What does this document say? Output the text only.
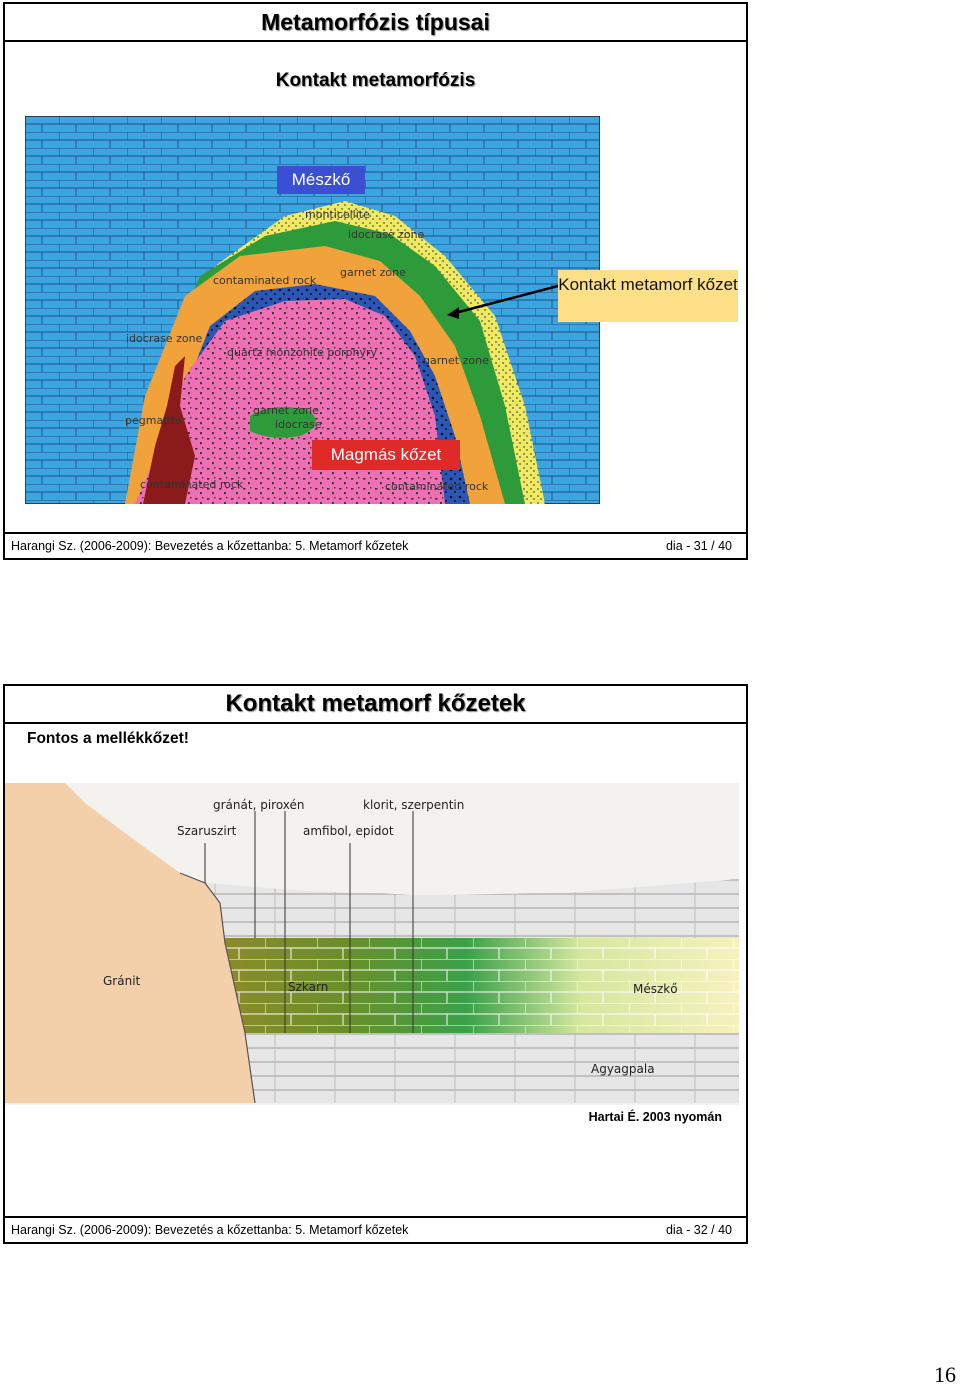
Metamorfózis típusai
Kontakt metamorfózis
monticellite
idocrase zone
contaminated rock
garnet zone
quartz monzonite porphyry
idocrase zone
pegmatite
garnet zone
idocrase
garnet zone
contaminated rock	contaminated rock
Mészkő
Kontakt metamorf kőzet
Magmás kőzet
Harangi Sz. (2006-2009): Bevezetés a kőzettanba: 5. Metamorf kőzetek	dia - 31 / 40
Kontakt metamorf kőzetek
Fontos a mellékkőzet!
gránát, piroxén	klorit, szerpentin
Szaruszirt	amfibol, epidot
Gránit	Szkarn	Mészkő
Agyagpala
Hartai É. 2003 nyomán
Harangi Sz. (2006-2009): Bevezetés a kőzettanba: 5. Metamorf kőzetek	dia - 32 / 40
16
